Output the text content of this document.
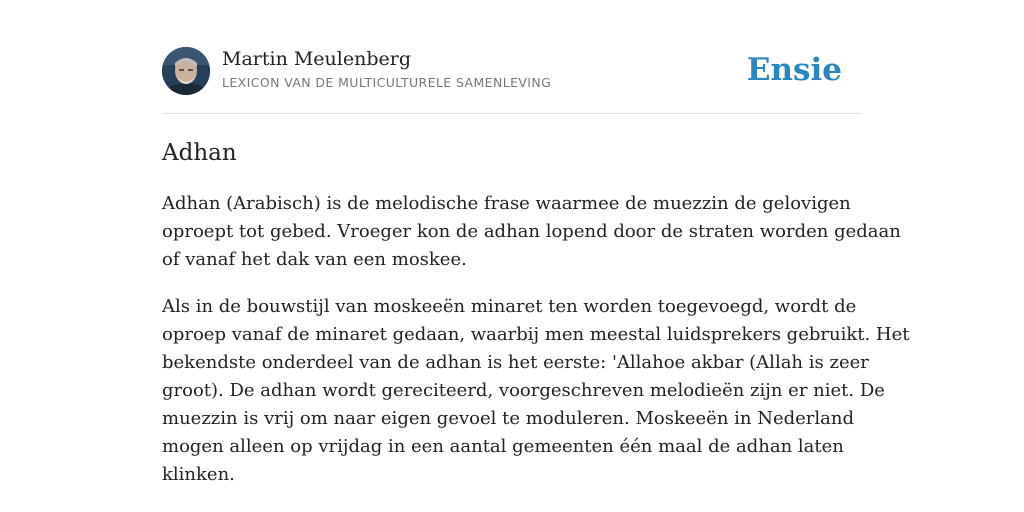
Martin Meulenberg
LEXICON VAN DE MULTICULTURELE SAMENLEVING	Ensie
Adhan

Adhan (Arabisch) is de melodische frase waarmee de muezzin de gelovigen
oproept tot gebed. Vroeger kon de adhan lopend door de straten worden gedaan
of vanaf het dak van een moskee.

Als in de bouwstijl van moskeeën minaret ten worden toegevoegd, wordt de
oproep vanaf de minaret gedaan, waarbij men meestal luidsprekers gebruikt. Het
bekendste onderdeel van de adhan is het eerste: 'Allahoe akbar (Allah is zeer
groot). De adhan wordt gereciteerd, voorgeschreven melodieën zijn er niet. De
muezzin is vrij om naar eigen gevoel te moduleren. Moskeeën in Nederland
mogen alleen op vrijdag in een aantal gemeenten één maal de adhan laten
klinken.
